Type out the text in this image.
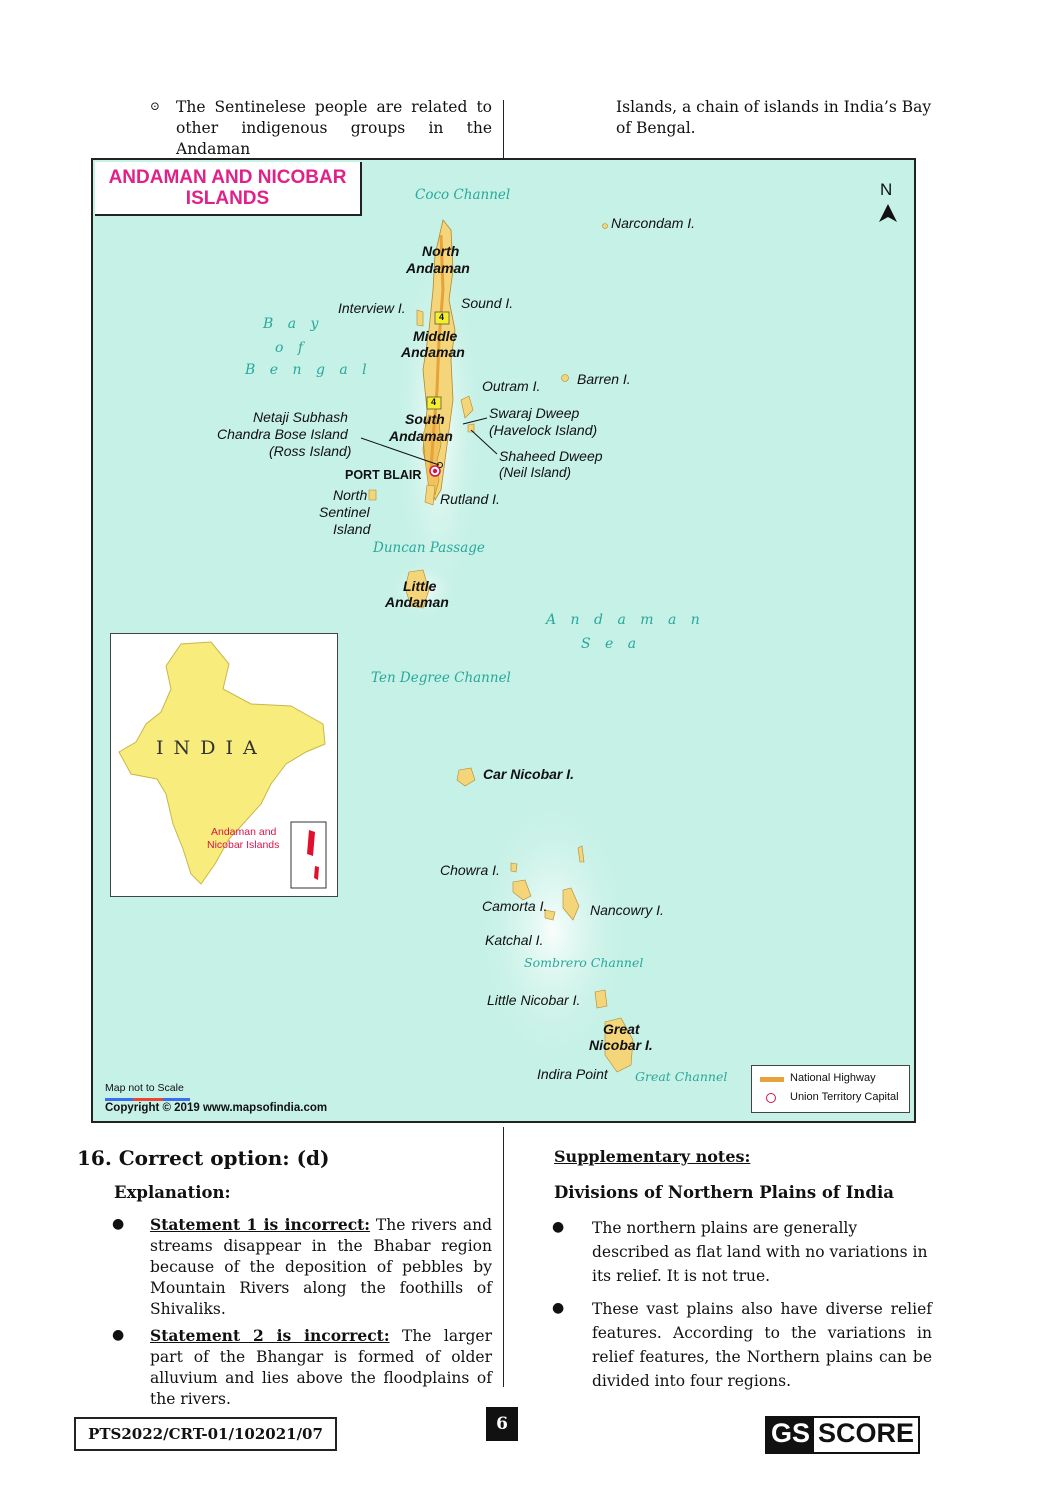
⊙ The Sentinelese people are related to other indigenous groups in the Andaman
Islands, a chain of islands in India’s Bay of Bengal.
ANDAMAN AND NICOBAR
ISLANDS	N
Coco Channel
B a y
o f
B e n g a l
Duncan Passage
A n d a m a n
S e a
Ten Degree Channel
Sombrero Channel
Great Channel
Narcondam I.
North
Andaman
Interview I.	Sound I.
4
Middle
Andaman
Outram I.	Barren I.
4
Netaji Subhash
Chandra Bose Island
(Ross Island)
South
Andaman
Swaraj Dweep
(Havelock Island)
Shaheed Dweep
(Neil Island)
PORT BLAIR
North
Sentinel
Island
Rutland I.
Little
Andaman
Car Nicobar I.
Chowra I.
Camorta I.	Nancowry I.
Katchal I.
Little Nicobar I.
Great
Nicobar I.
Indira Point
I N D I A
Andaman and
Nicobar Islands
Map not to Scale
Copyright © 2019 www.mapsofindia.com
National Highway
Union Territory Capital
16. Correct option: (d)
Explanation:
● Statement 1 is incorrect: The rivers and streams disappear in the Bhabar region because of the deposition of pebbles by Mountain Rivers along the foothills of Shivaliks.
● Statement 2 is incorrect: The larger part of the Bhangar is formed of older alluvium and lies above the floodplains of the rivers.
Supplementary notes:
Divisions of Northern Plains of India
● The northern plains are generally described as flat land with no variations in its relief. It is not true.
● These vast plains also have diverse relief features. According to the variations in relief features, the Northern plains can be divided into four regions.
PTS2022/CRT-01/102021/07	6	GS SCORE
